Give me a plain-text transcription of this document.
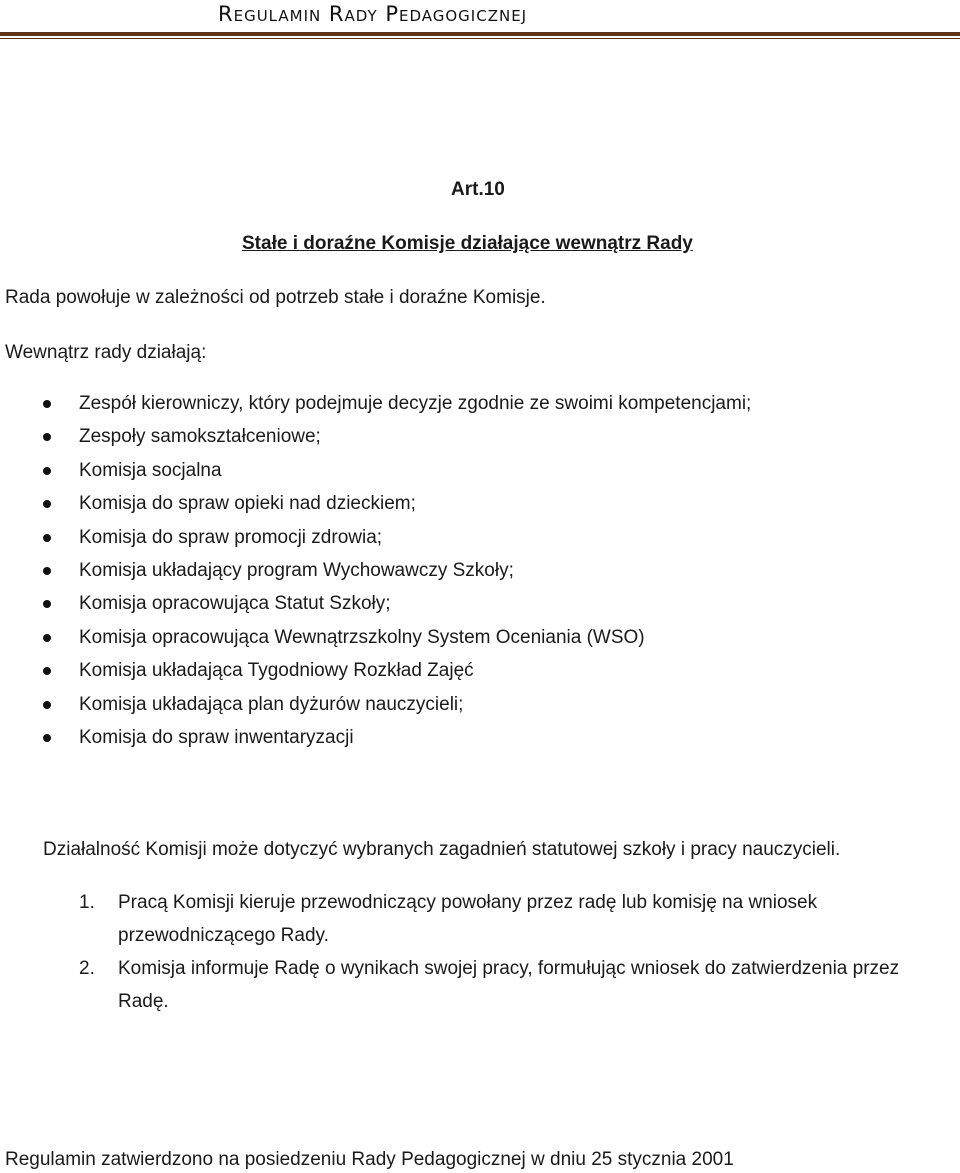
Regulamin Rady Pedagogicznej
Art.10
Stałe i doraźne Komisje działające wewnątrz Rady
Rada powołuje w zależności od potrzeb stałe i doraźne Komisje.
Wewnątrz rady działają:
Zespół kierowniczy, który podejmuje decyzje zgodnie ze swoimi kompetencjami;
Zespoły samokształceniowe;
Komisja socjalna
Komisja do spraw opieki nad dzieckiem;
Komisja do spraw promocji zdrowia;
Komisja układający program Wychowawczy Szkoły;
Komisja opracowująca Statut Szkoły;
Komisja opracowująca Wewnątrzszkolny System Oceniania (WSO)
Komisja układająca Tygodniowy Rozkład Zajęć
Komisja układająca plan dyżurów nauczycieli;
Komisja do spraw inwentaryzacji
Działalność Komisji może dotyczyć wybranych zagadnień statutowej szkoły i pracy nauczycieli.
1. Pracą Komisji kieruje przewodniczący powołany przez radę lub komisję na wniosek przewodniczącego Rady.
2. Komisja informuje Radę o wynikach swojej pracy, formułując wniosek do zatwierdzenia przez Radę.
Regulamin zatwierdzono na posiedzeniu Rady Pedagogicznej w dniu 25 stycznia 2001
